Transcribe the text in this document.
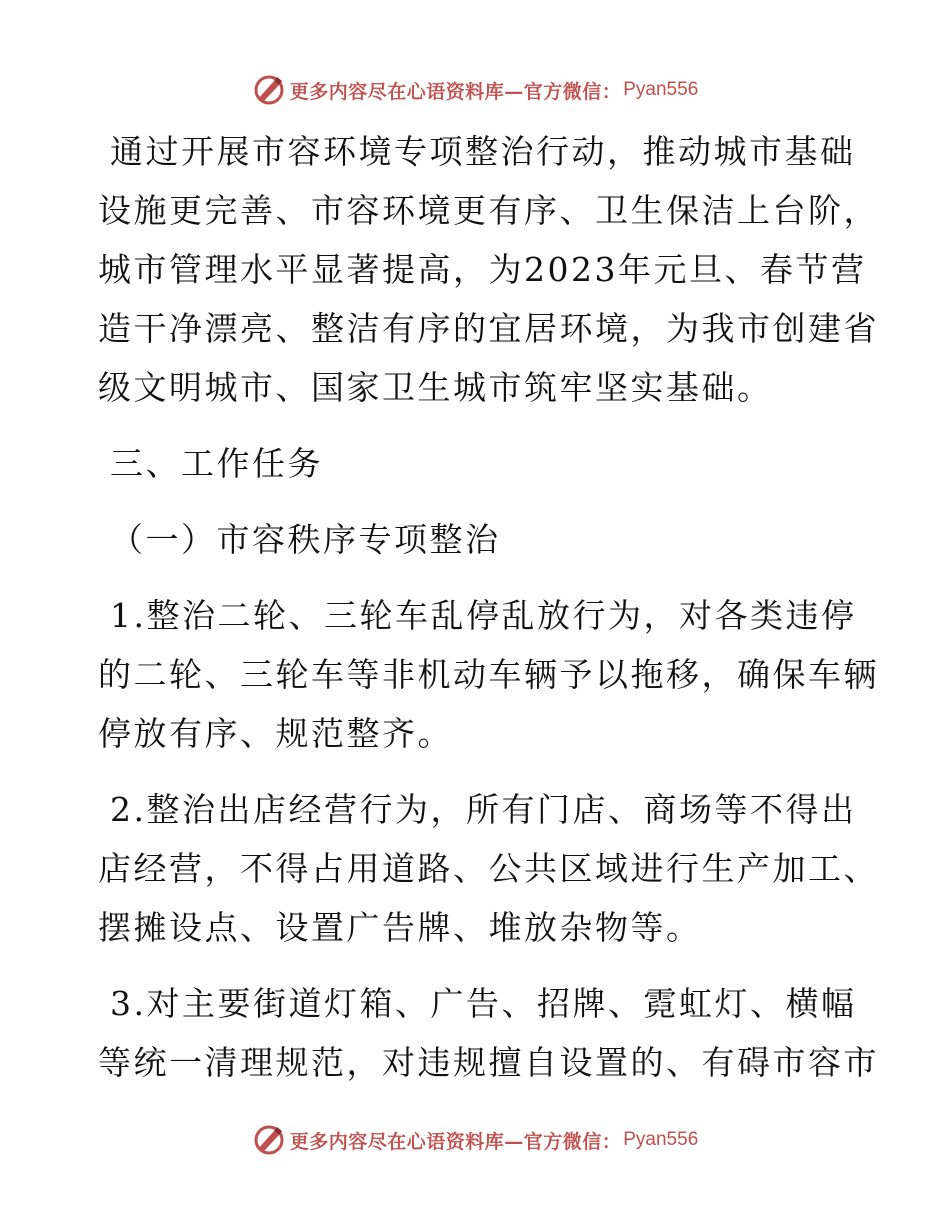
更多内容尽在心语资料库—官方微信： Pyan556

通过开展市容环境专项整治行动，推动城市基础
设施更完善、市容环境更有序、卫生保洁上台阶，
城市管理水平显著提高，为2023年元旦、春节营
造干净漂亮、整洁有序的宜居环境，为我市创建省
级文明城市、国家卫生城市筑牢坚实基础。

三、工作任务

（一）市容秩序专项整治

1.整治二轮、三轮车乱停乱放行为，对各类违停
的二轮、三轮车等非机动车辆予以拖移，确保车辆
停放有序、规范整齐。

2.整治出店经营行为，所有门店、商场等不得出
店经营，不得占用道路、公共区域进行生产加工、
摆摊设点、设置广告牌、堆放杂物等。

3.对主要街道灯箱、广告、招牌、霓虹灯、横幅
等统一清理规范，对违规擅自设置的、有碍市容市

更多内容尽在心语资料库—官方微信： Pyan556
